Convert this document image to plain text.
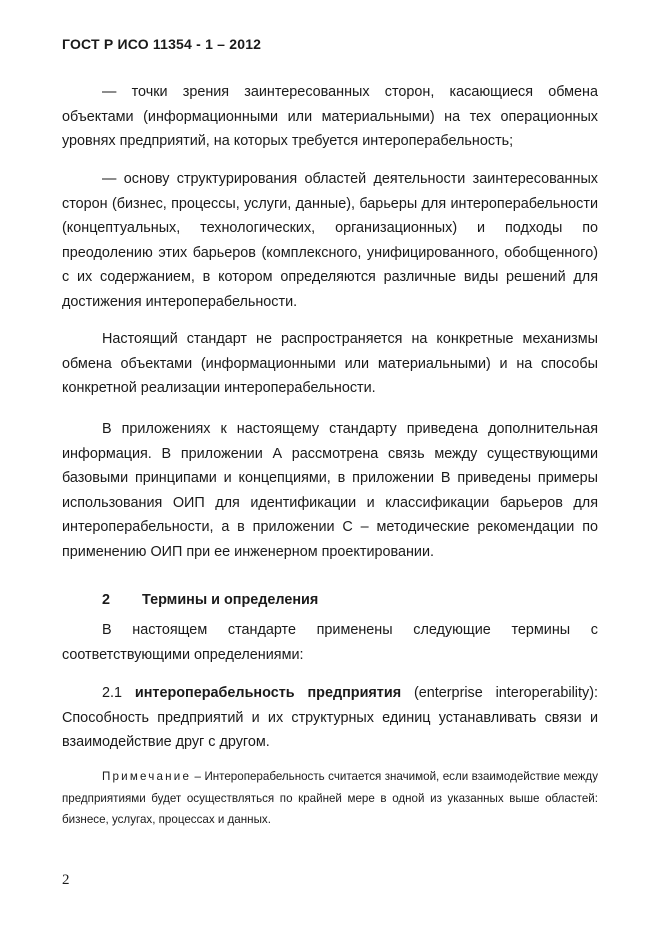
ГОСТ Р ИСО 11354 - 1 – 2012

— точки зрения заинтересованных сторон, касающиеся обмена объектами (информационными или материальными) на тех операционных уровнях предприятий, на которых требуется интероперабельность;

— основу структурирования областей деятельности заинтересованных сторон (бизнес, процессы, услуги, данные), барьеры для интероперабельности (концептуальных, технологических, организационных) и подходы по преодолению этих барьеров (комплексного, унифицированного, обобщенного) с их содержанием, в котором определяются различные виды решений для достижения интероперабельности.

Настоящий стандарт не распространяется на конкретные механизмы обмена объектами (информационными или материальными) и на способы конкретной реализации интероперабельности.

В приложениях к настоящему стандарту приведена дополнительная информация. В приложении А рассмотрена связь между существующими базовыми принципами и концепциями, в приложении В приведены примеры использования ОИП для идентификации и классификации барьеров для интероперабельности, а в приложении С – методические рекомендации по применению ОИП при ее инженерном проектировании.

2 Термины и определения

В настоящем стандарте применены следующие термины с соответствующими определениями:

2.1 интероперабельность предприятия (enterprise interoperability): Способность предприятий и их структурных единиц устанавливать связи и взаимодействие друг с другом.

Примечание – Интероперабельность считается значимой, если взаимодействие между предприятиями будет осуществляться по крайней мере в одной из указанных выше областей: бизнесе, услугах, процессах и данных.

2
